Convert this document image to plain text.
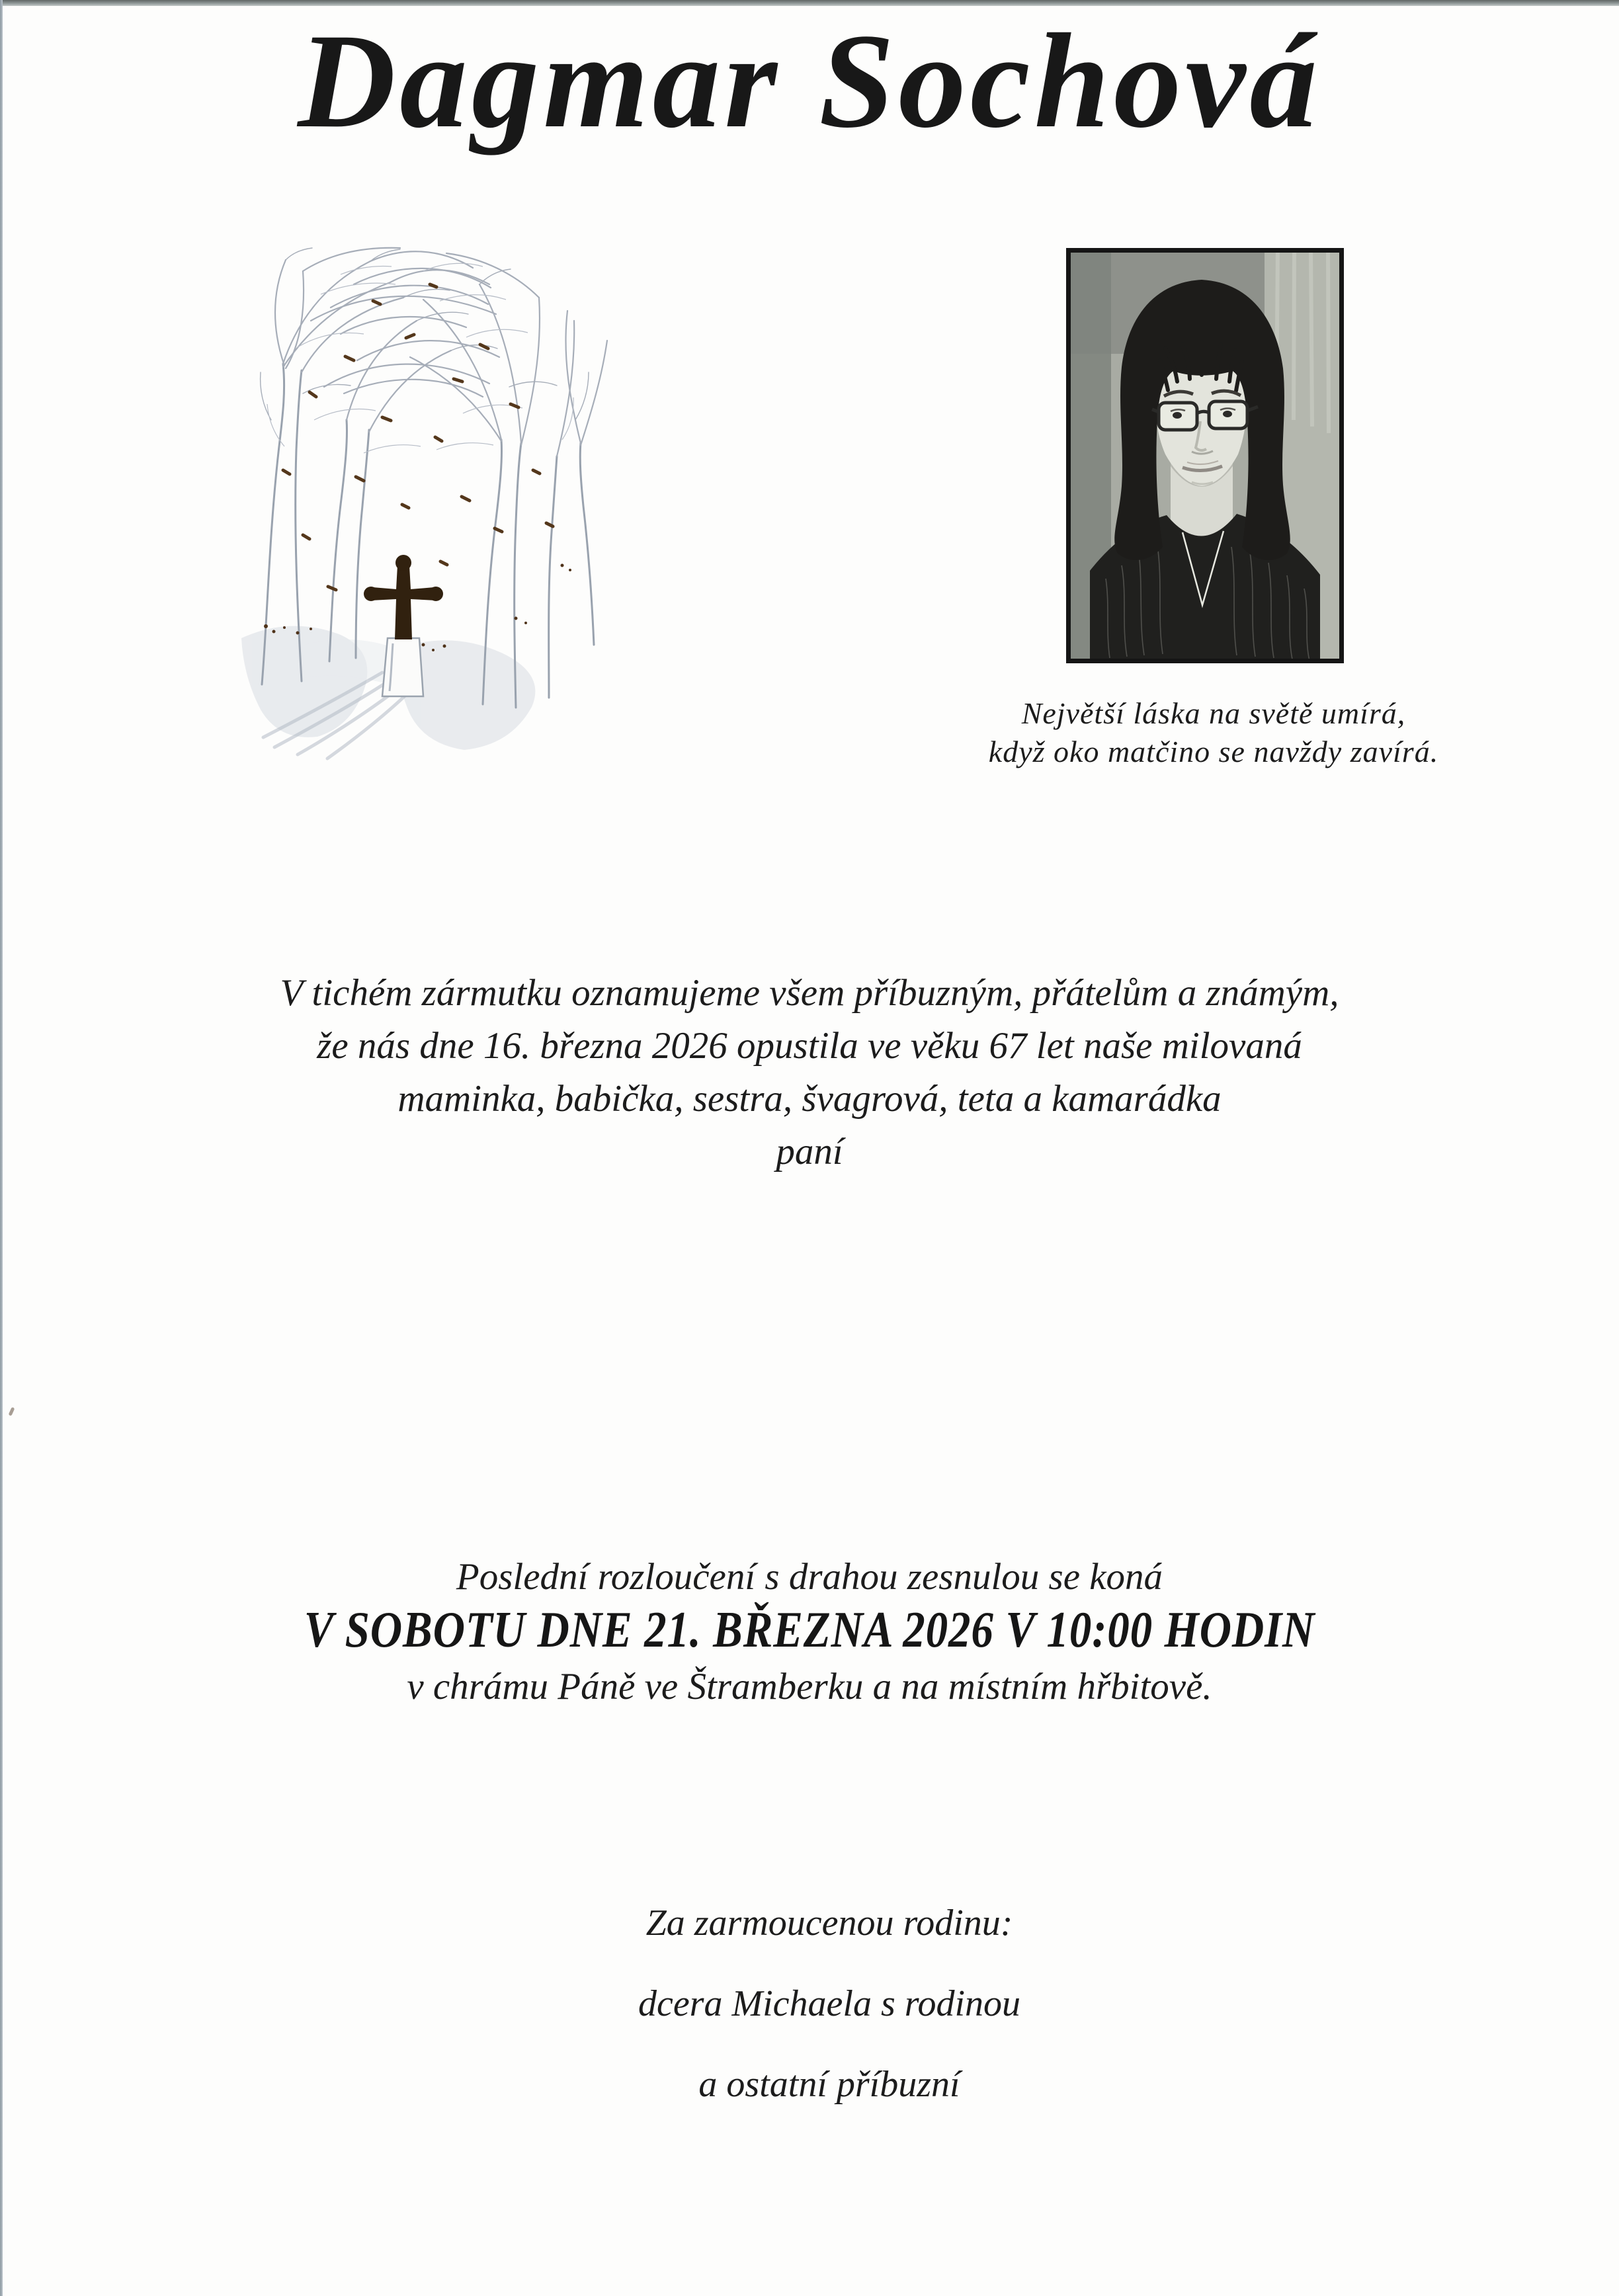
Největší láska na světě umírá,
když oko matčino se navždy zavírá.
V tichém zármutku oznamujeme všem příbuzným, přátelům a známým,
že nás dne 16. března 2026 opustila ve věku 67 let naše milovaná
maminka, babička, sestra, švagrová, teta a kamarádka
paní
Dagmar Sochová
Poslední rozloučení s drahou zesnulou se koná
V SOBOTU DNE 21. BŘEZNA 2026 V 10:00 HODIN
v chrámu Páně ve Štramberku a na místním hřbitově.
Za zarmoucenou rodinu:
dcera Michaela s rodinou
a ostatní příbuzní
